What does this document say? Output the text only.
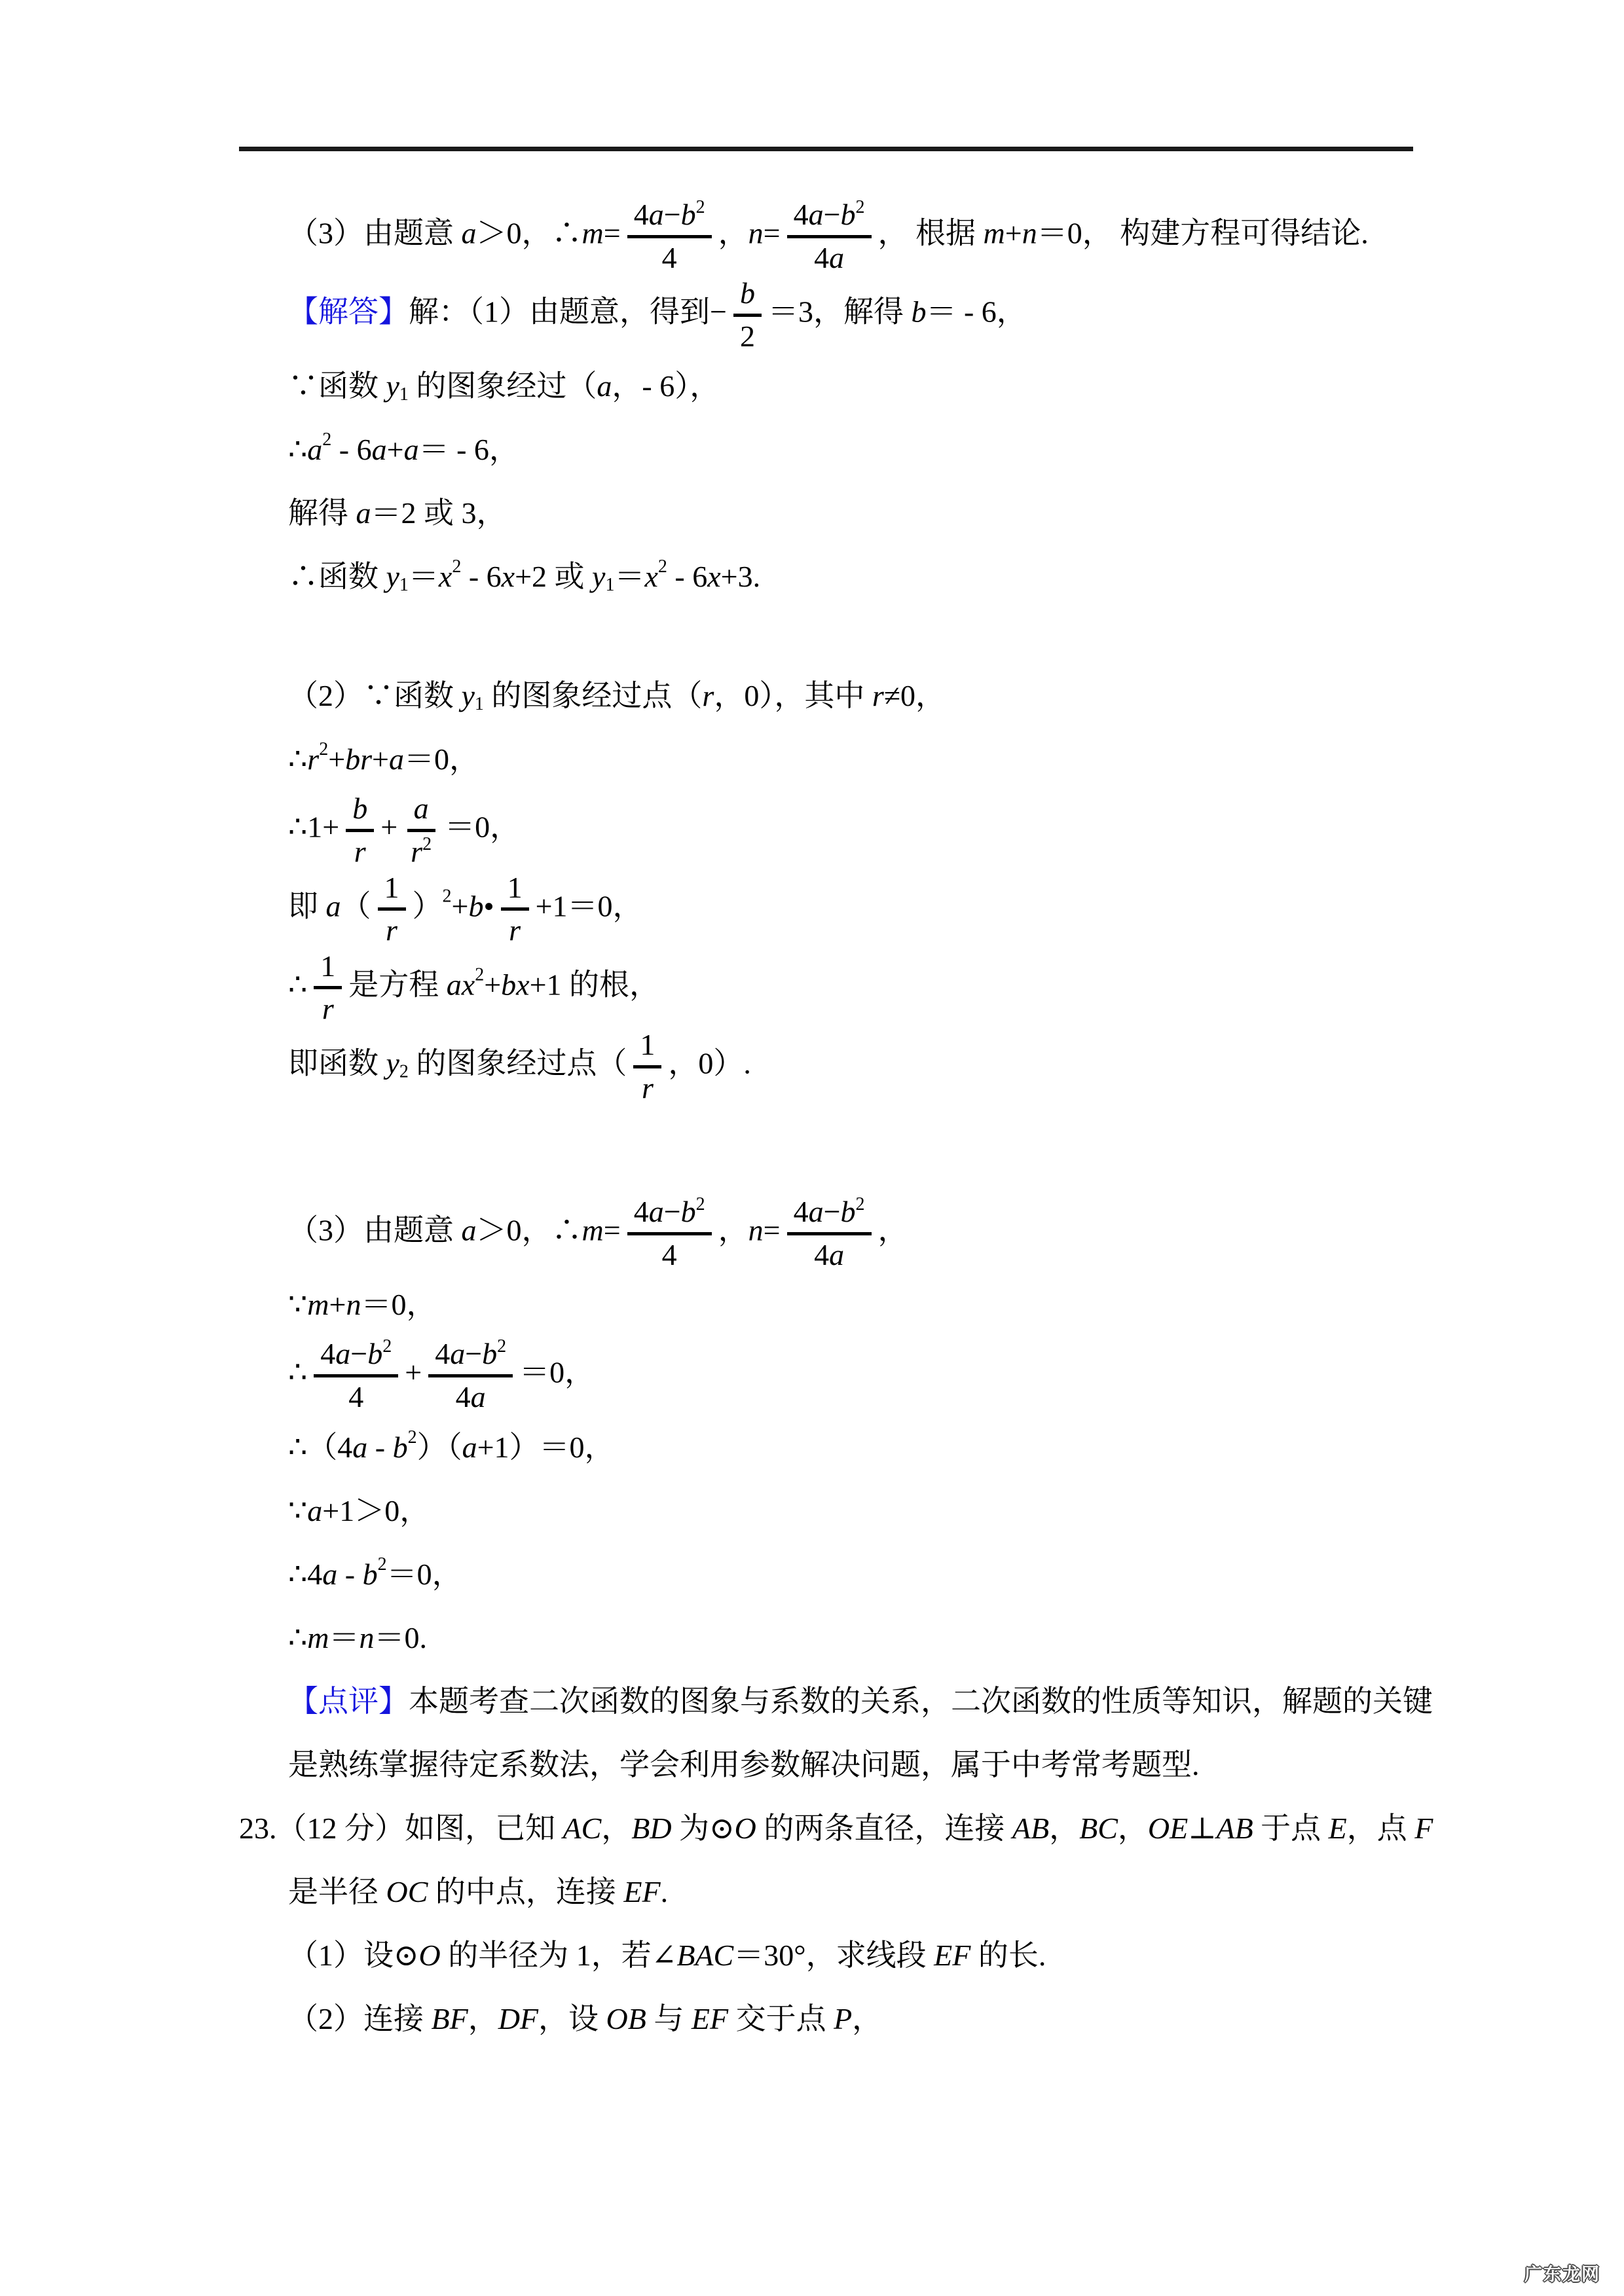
（3）由题意 a＞0，∴m= $\frac{4a-b^2}{4}$ ，$n= \frac{4a-b^2}{4a}$ ， 根据 m+n＝0， 构建方程可得结论.
【解答】解：（1）由题意，得到− $\frac{b}{2} =3$，解得 b＝ - 6，
∵函数 $y_1$ 的图象经过（a，- 6），
$\therefore a^2 - 6a+a= - 6$，
解得 a＝2 或 3，
∴函数 $y_1=x^2 - 6x+2$ 或 $y_1=x^2 - 6x+3$.
（2）∵函数 $y_1$ 的图象经过点（r，0），其中 r≠0，
$\therefore r^2+br+a=0$，
∴1+ $\frac{b}{r} + \frac{a}{r^2} =0$，
即 $a( \frac{1}{r}$ ）$^2+b• \frac{1}{r} +1=0$，
∴ $\frac{1}{r}$ 是方程 $ax^2+bx+1$ 的根，
即函数 $y_2$ 的图象经过点（ $\frac{1}{r}$ ，0）.
（3）由题意 a＞0，∴m= $\frac{4a-b^2}{4}$ ，$n= \frac{4a-b^2}{4a}$ ，
∵m+n＝0，
∴ $\frac{4a-b^2}{4} + \frac{4a-b^2}{4a} =0$，
∴（4a - $b^2)(a+1)=0$，
∵a+1＞0，
∴4a - $b^2=0$，
∴m＝n＝0.
【点评】本题考查二次函数的图象与系数的关系，二次函数的性质等知识，解题的关键
是熟练掌握待定系数法，学会利用参数解决问题，属于中考常考题型.
23.（12 分）如图，已知 AC，BD 为⊙O 的两条直径，连接 AB，BC，OE⊥AB 于点 E，点 F
是半径 OC 的中点，连接 EF.
（1）设⊙O 的半径为 1，若∠BAC＝30°，求线段 EF 的长.
（2）连接 BF，DF，设 OB 与 EF 交于点 P，
广东龙网
